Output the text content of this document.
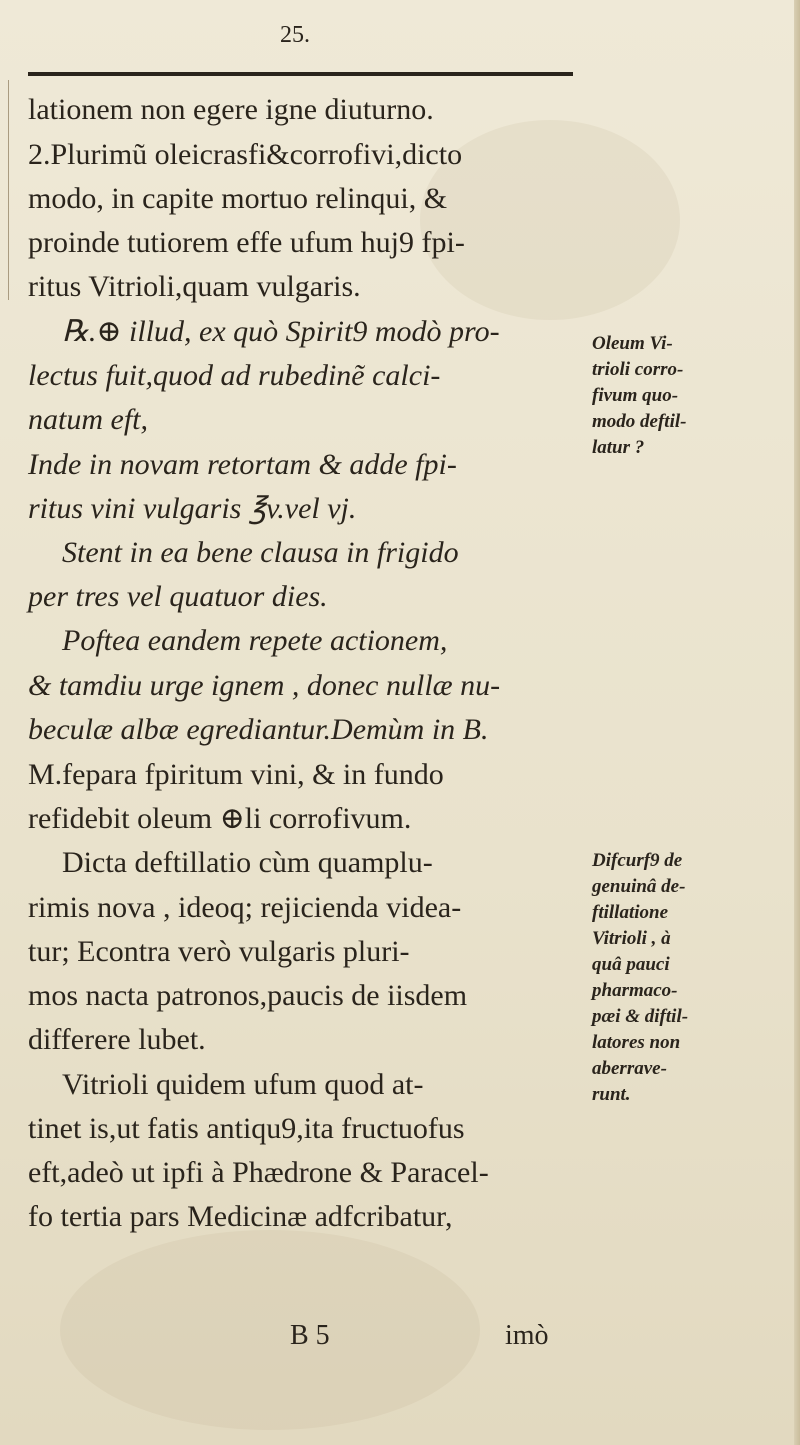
25.
lationem non egere igne diuturno.
2.Plurimũ oleicrasfi&corrofivi,dicto
modo, in capite mortuo relinqui, &
proinde tutiorem effe ufum huj9 fpi-
ritus Vitrioli,quam vulgaris.
℞.⊕ illud, ex quò Spirit9 modò pro-
lectus fuit,quod ad rubedinẽ calci-
natum eft,
Inde in novam retortam & adde fpi-
ritus vini vulgaris ℥v.vel vj.
Stent in ea bene clausa in frigido
per tres vel quatuor dies.
Poftea eandem repete actionem,
& tamdiu urge ignem , donec nullæ nu-
beculæ albæ egrediantur.Demùm in B.
M.fepara fpiritum vini, & in fundo
refidebit oleum ⊕li corrofivum.
Dicta deftillatio cùm quamplu-
rimis nova , ideoq; rejicienda videa-
tur; Econtra verò vulgaris pluri-
mos nacta patronos,paucis de iisdem
differere lubet.
Vitrioli quidem ufum quod at-
tinet is,ut fatis antiqu9,ita fructuofus
eft,adeò ut ipfi à Phædrone & Paracel-
fo tertia pars Medicinæ adfcribatur,
B 5	imò
Oleum Vi-
trioli corro-
fivum quo-
modo deftil-
latur ?
Difcurf9 de
genuinâ de-
ftillatione
Vitrioli , à
quâ pauci
pharmaco-
pæi & diftil-
latores non
aberrave-
runt.
